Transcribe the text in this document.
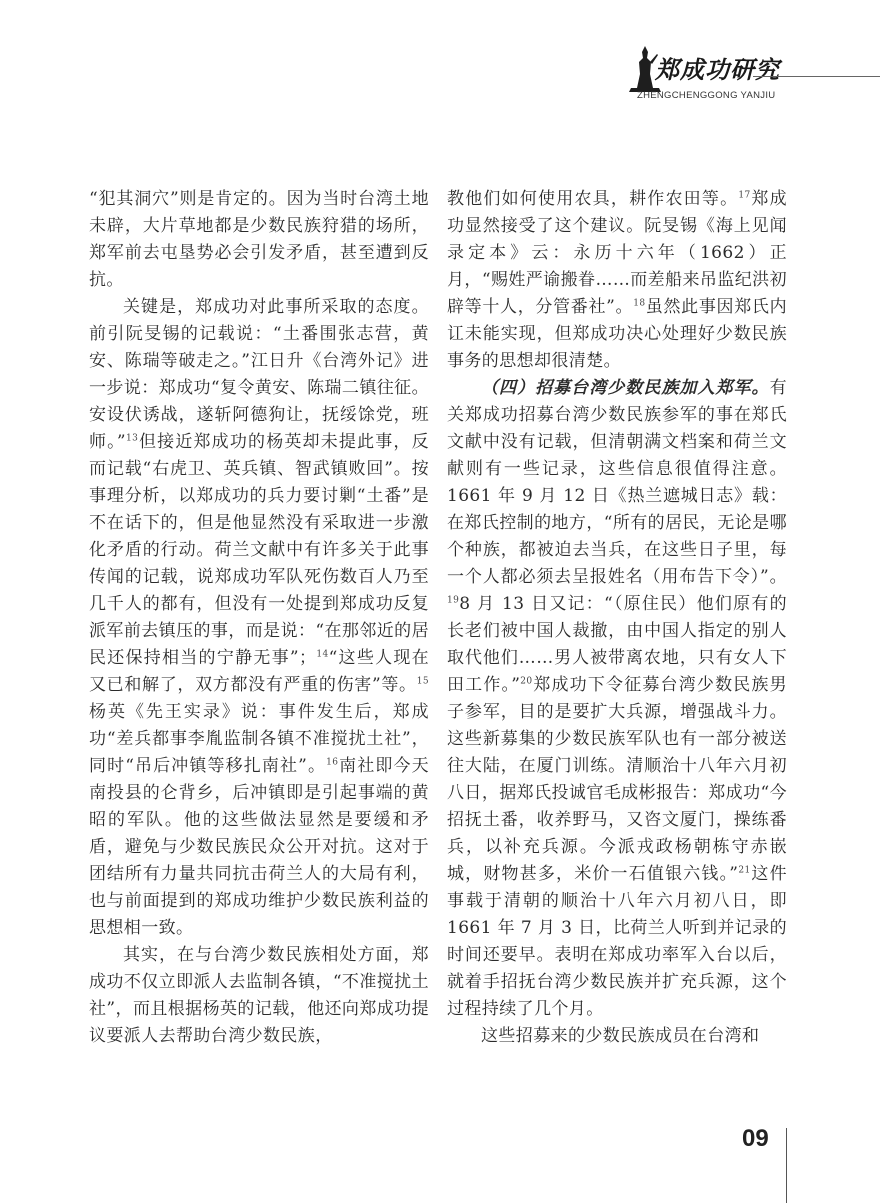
郑成功研究
ZHENGCHENGGONG YANJIU

“犯其洞穴”则是肯定的。因为当时台湾土地未辟，大片草地都是少数民族狩猎的场所，郑军前去屯垦势必会引发矛盾，甚至遭到反抗。

关键是，郑成功对此事所采取的态度。前引阮旻锡的记载说：“土番围张志营，黄安、陈瑞等破走之。”江日升《台湾外记》进一步说：郑成功“复令黄安、陈瑞二镇往征。安设伏诱战，遂斩阿德狗让，抚绥馀党，班师。”$^{13}$但接近郑成功的杨英却未提此事，反而记载“右虎卫、英兵镇、智武镇败回”。按事理分析，以郑成功的兵力要讨剿“土番”是不在话下的，但是他显然没有采取进一步激化矛盾的行动。荷兰文献中有许多关于此事传闻的记载，说郑成功军队死伤数百人乃至几千人的都有，但没有一处提到郑成功反复派军前去镇压的事，而是说：“在那邻近的居民还保持相当的宁静无事”；$^{14}$“这些人现在又已和解了，双方都没有严重的伤害”等。$^{15}$杨英《先王实录》说：事件发生后，郑成功“差兵都事李胤监制各镇不准搅扰土社”，同时“吊后冲镇等移扎南社”。$^{16}$南社即今天南投县的仑背乡，后冲镇即是引起事端的黄昭的军队。他的这些做法显然是要缓和矛盾，避免与少数民族民众公开对抗。这对于团结所有力量共同抗击荷兰人的大局有利，也与前面提到的郑成功维护少数民族利益的思想相一致。

其实，在与台湾少数民族相处方面，郑成功不仅立即派人去监制各镇，“不准搅扰土社”，而且根据杨英的记载，他还向郑成功提议要派人去帮助台湾少数民族，

教他们如何使用农具，耕作农田等。$^{17}$郑成功显然接受了这个建议。阮旻锡《海上见闻录定本》云：永历十六年（1662）正月，“赐姓严谕搬眷……而差船来吊监纪洪初辟等十人，分管番社”。$^{18}$虽然此事因郑氏内讧未能实现，但郑成功决心处理好少数民族事务的思想却很清楚。

（四）招募台湾少数民族加入郑军。有关郑成功招募台湾少数民族参军的事在郑氏文献中没有记载，但清朝满文档案和荷兰文献则有一些记录，这些信息很值得注意。1661 年 9 月 12 日《热兰遮城日志》载：在郑氏控制的地方，“所有的居民，无论是哪个种族，都被迫去当兵，在这些日子里，每一个人都必须去呈报姓名（用布告下令）”。$^{19}$8 月 13 日又记：“（原住民）他们原有的长老们被中国人裁撤，由中国人指定的别人取代他们……男人被带离农地，只有女人下田工作。”$^{20}$郑成功下令征募台湾少数民族男子参军，目的是要扩大兵源，增强战斗力。这些新募集的少数民族军队也有一部分被送往大陆，在厦门训练。清顺治十八年六月初八日，据郑氏投诚官毛成彬报告：郑成功“今招抚土番，收养野马，又咨文厦门，操练番兵，以补充兵源。今派戎政杨朝栋守赤嵌城，财物甚多，米价一石值银六钱。”$^{21}$这件事载于清朝的顺治十八年六月初八日，即 1661 年 7 月 3 日，比荷兰人听到并记录的时间还要早。表明在郑成功率军入台以后，就着手招抚台湾少数民族并扩充兵源，这个过程持续了几个月。

这些招募来的少数民族成员在台湾和

09
